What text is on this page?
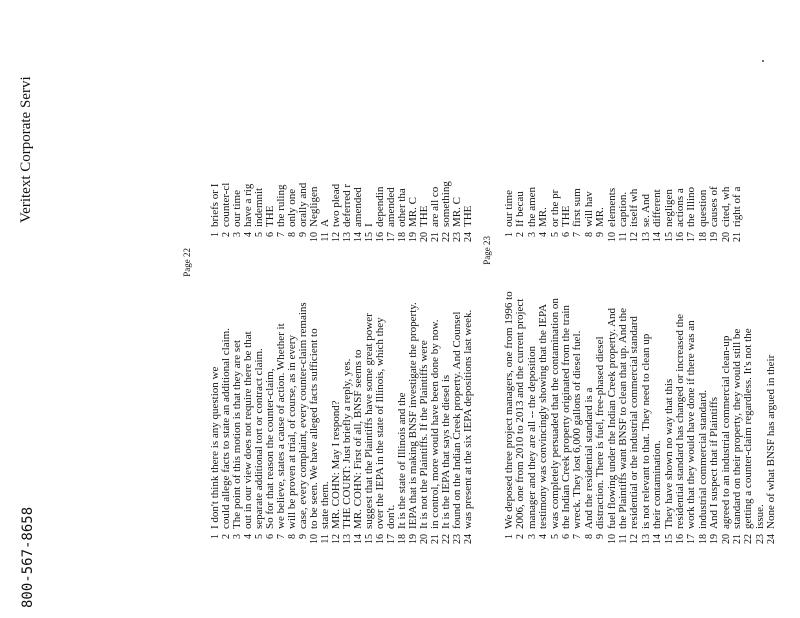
Page 22
1I don't think there is any question we
2could allege facts to state an additional claim.
3The point of this motion is that they are set
4out in our view does not require there be that
5separate additional tort or contract claim.
6So for that reason the counter-claim,
7we believe, states a cause of action. Whether it
8will be proven at trial, of course, as in every
9case, every complaint, every counter-claim remains
10to be seen. We have alleged facts sufficient to
11state them.
12MR. COHN: May I respond?
13THE COURT: Just briefly a reply, yes.
14MR. COHN: First of all, BNSF seems to
15suggest that the Plaintiffs have some great power
16over the IEPA in the state of Illinois, which they
17don't.
18It is the state of Illinois and the
19IEPA that is making BNSF investigate the property.
20It is not the Plaintiffs. If the Plaintiffs were
21in control, more would have been done by now.
22It is the IEPA that says the diesel is
23found on the Indian Creek property. And Counsel
24was present at the six IEPA depositions last week.
Page 23
1We deposed three project managers, one from 1996 to
22006, one from 2010 to 2013 and the current project
3manager and they are all -- the deposition
4testimony was convincingly showing that the IEPA
5was completely persuaded that the contamination on
6the Indian Creek property originated from the train
7wreck. They lost 6,000 gallons of diesel fuel.
8And the residential standard is a
9distraction. There is fuel, free-phased diesel
10fuel flowing under the Indian Creek property. And
11the Plaintiffs want BNSF to clean that up. And the
12residential or the industrial commercial standard
13is not relevant to that. They need to clean up
14their contamination.
15They have shown no way that this
16residential standard has changed or increased the
17work that they would have done if there was an
18industrial commercial standard.
19And I suspect that if Plaintiffs
20agreed to an industrial commercial clean-up
21standard on their property, they would still be
22getting a counter-claim regardless. It's not the
23issue.
24None of what BNSF has argued in their
1briefs or I
2counter-cl
3our time
4have a rig
5indemnit
6THE
7the ruling
8only one
9orally and
10Negligen
11A
12two plead
13deferred r
14amended
15I
16dependin
17amended
18other tha
19MR. C
20THE
21are all co
22something
23MR. C
24THE
1our time
2If becau
3the amen
4MR.
5or the pr
6THE
7first sum
8will hav
9MR.
10elements
11caption.
12itself wh
13se. And
14different
15negligen
16actions a
17the Illino
18question
19causes of
20cited, wh
21right of a
800-567-8658
Veritext Corporate Servi
